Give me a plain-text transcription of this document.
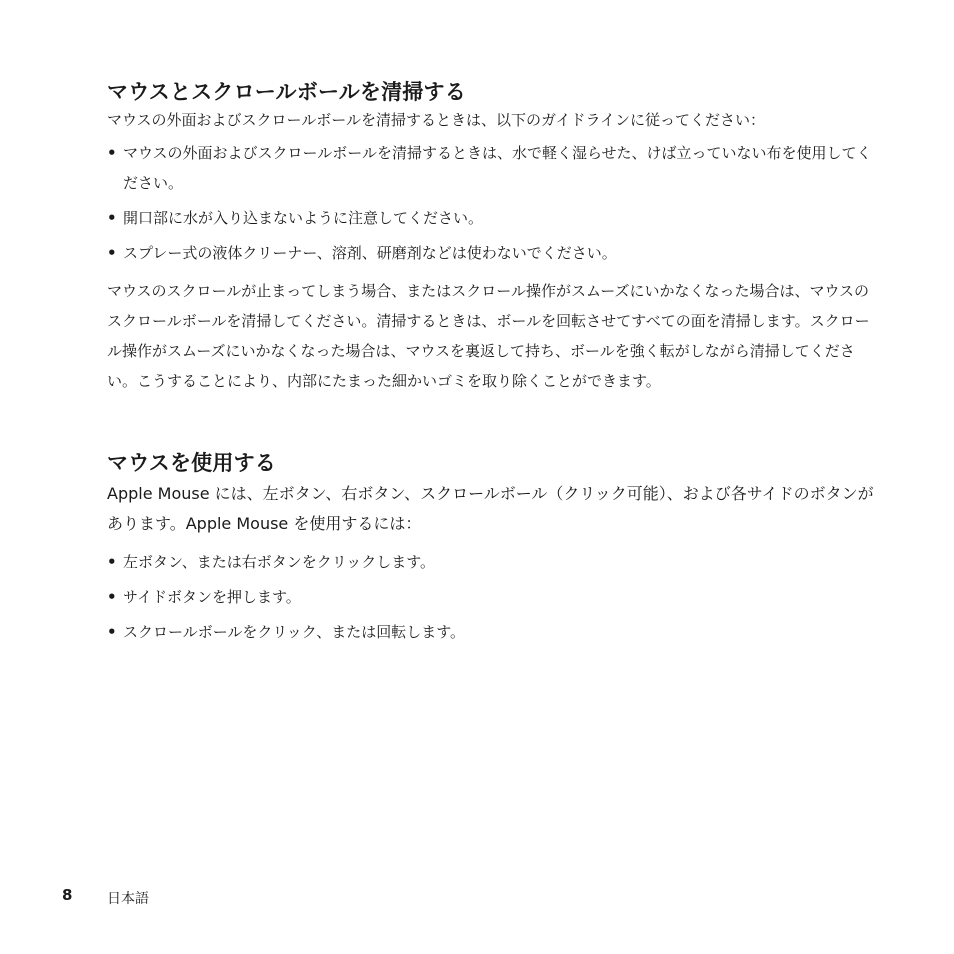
マウスとスクロールボールを清掃する

マウスの外面およびスクロールボールを清掃するときは、以下のガイドラインに従ってください：

• マウスの外面およびスクロールボールを清掃するときは、水で軽く湿らせた、けば立っていない布を使用してください。
• 開口部に水が入り込まないように注意してください。
• スプレー式の液体クリーナー、溶剤、研磨剤などは使わないでください。

マウスのスクロールが止まってしまう場合、またはスクロール操作がスムーズにいかなくなった場合は、マウスのスクロールボールを清掃してください。清掃するときは、ボールを回転させてすべての面を清掃します。スクロール操作がスムーズにいかなくなった場合は、マウスを裏返して持ち、ボールを強く転がしながら清掃してください。こうすることにより、内部にたまった細かいゴミを取り除くことができます。

マウスを使用する

Apple Mouse には、左ボタン、右ボタン、スクロールボール（クリック可能）、および各サイドのボタンがあります。Apple Mouse を使用するには：

• 左ボタン、または右ボタンをクリックします。
• サイドボタンを押します。
• スクロールボールをクリック、または回転します。
8 日本語
